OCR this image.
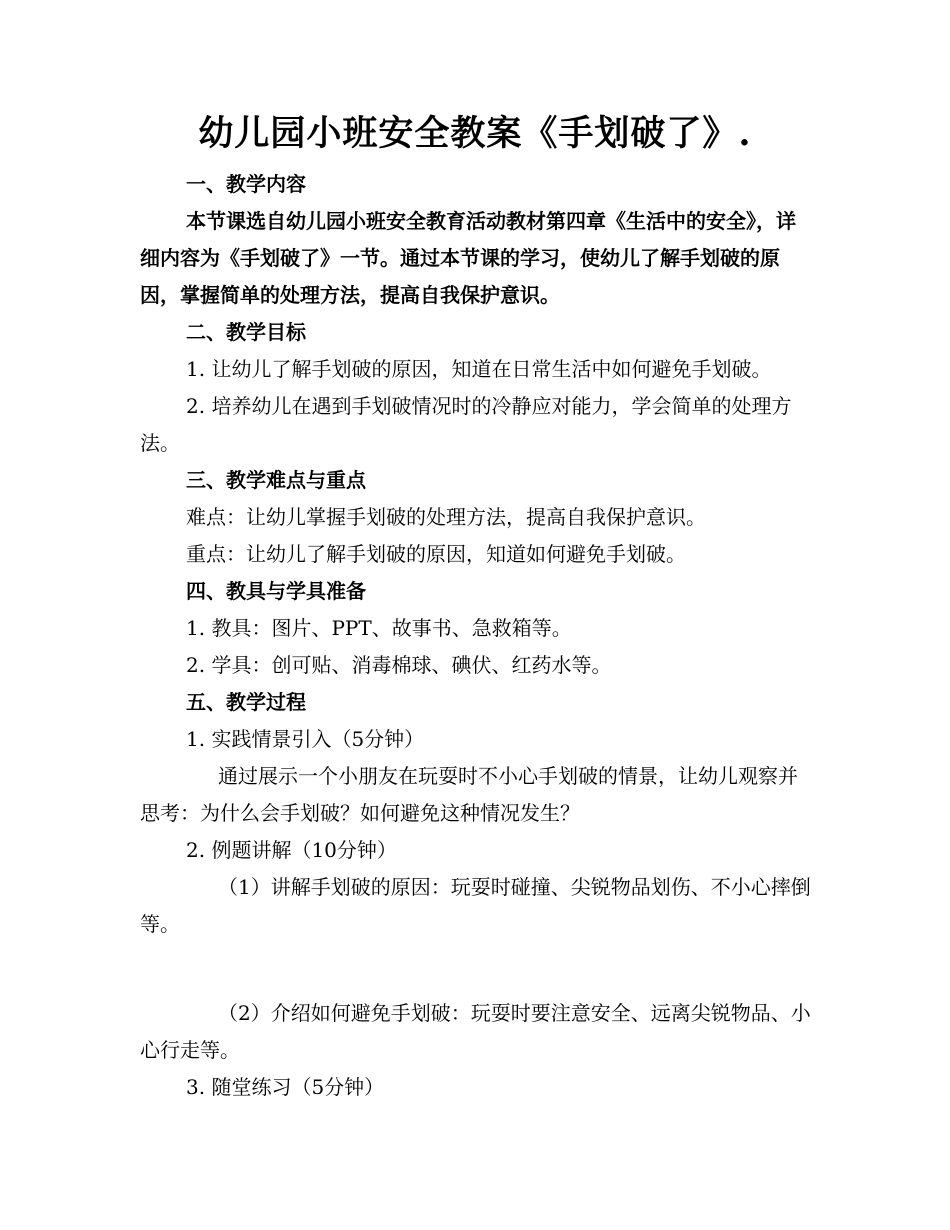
幼儿园小班安全教案《手划破了》.

一、教学内容

本节课选自幼儿园小班安全教育活动教材第四章《生活中的安全》，详细内容为《手划破了》一节。通过本节课的学习，使幼儿了解手划破的原因，掌握简单的处理方法，提高自我保护意识。

二、教学目标

1. 让幼儿了解手划破的原因，知道在日常生活中如何避免手划破。

2. 培养幼儿在遇到手划破情况时的冷静应对能力，学会简单的处理方法。

三、教学难点与重点

难点：让幼儿掌握手划破的处理方法，提高自我保护意识。

重点：让幼儿了解手划破的原因，知道如何避免手划破。

四、教具与学具准备

1. 教具：图片、PPT、故事书、急救箱等。

2. 学具：创可贴、消毒棉球、碘伏、红药水等。

五、教学过程

1. 实践情景引入（5分钟）

通过展示一个小朋友在玩耍时不小心手划破的情景，让幼儿观察并思考：为什么会手划破？如何避免这种情况发生？

2. 例题讲解（10分钟）

（1）讲解手划破的原因：玩耍时碰撞、尖锐物品划伤、不小心摔倒等。

（2）介绍如何避免手划破：玩耍时要注意安全、远离尖锐物品、小心行走等。

3. 随堂练习（5分钟）
